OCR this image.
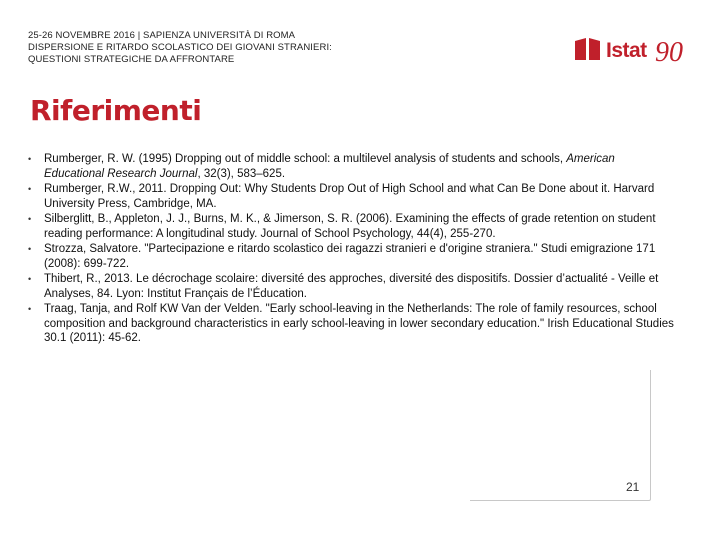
25-26 NOVEMBRE 2016 | SAPIENZA UNIVERSITÀ DI ROMA
DISPERSIONE E RITARDO SCOLASTICO DEI GIOVANI STRANIERI:
QUESTIONI STRATEGICHE DA AFFRONTARE	Istat 90
Riferimenti
• Rumberger, R. W. (1995) Dropping out of middle school: a multilevel analysis of students and schools, American Educational Research Journal, 32(3), 583–625.
• Rumberger, R.W., 2011. Dropping Out: Why Students Drop Out of High School and what Can Be Done about it. Harvard University Press, Cambridge, MA.
• Silberglitt, B., Appleton, J. J., Burns, M. K., & Jimerson, S. R. (2006). Examining the effects of grade retention on student reading performance: A longitudinal study. Journal of School Psychology, 44(4), 255-270.
• Strozza, Salvatore. "Partecipazione e ritardo scolastico dei ragazzi stranieri e d'origine straniera." Studi emigrazione 171 (2008): 699-722.
• Thibert, R., 2013. Le décrochage scolaire: diversité des approches, diversité des dispositifs. Dossier d’actualité - Veille et Analyses, 84. Lyon: Institut Français de l’Éducation.
• Traag, Tanja, and Rolf KW Van der Velden. "Early school-leaving in the Netherlands: The role of family resources, school composition and background characteristics in early school-leaving in lower secondary education." Irish Educational Studies 30.1 (2011): 45-62.
21
